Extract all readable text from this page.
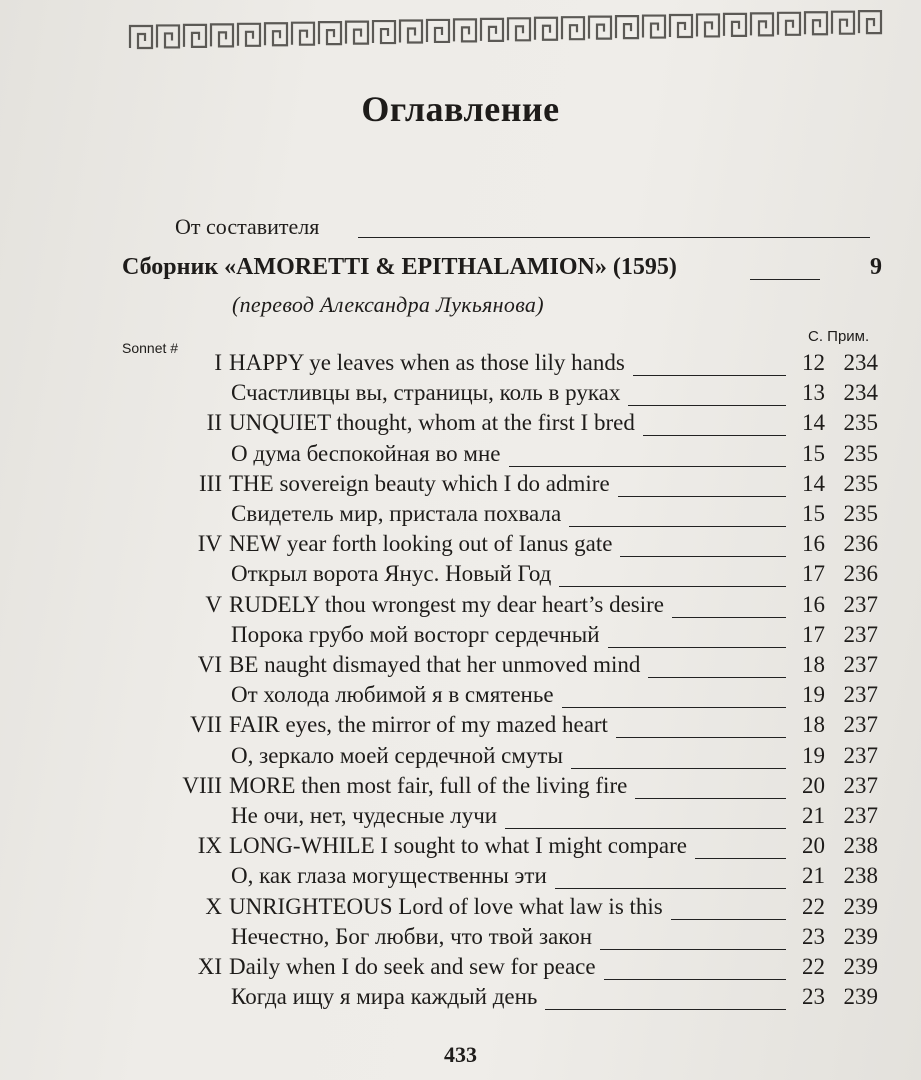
Оглавление
От составителя
Сборник «AMORETTI & EPITHALAMION» (1595)	9
(перевод Александра Лукьянова)
Sonnet #
С. Прим.
I HAPPY ye leaves when as those lily hands	12 234
Счастливцы вы, страницы, коль в руках	13 234
II UNQUIET thought, whom at the first I bred	14 235
О дума беспокойная во мне	15 235
III THE sovereign beauty which I do admire	14 235
Свидетель мир, пристала похвала	15 235
IV NEW year forth looking out of Ianus gate	16 236
Открыл ворота Янус. Новый Год	17 236
V RUDELY thou wrongest my dear heart’s desire	16 237
Порока грубо мой восторг сердечный	17 237
VI BE naught dismayed that her unmoved mind	18 237
От холода любимой я в смятенье	19 237
VII FAIR eyes, the mirror of my mazed heart	18 237
О, зеркало моей сердечной смуты	19 237
VIII MORE then most fair, full of the living fire	20 237
Не очи, нет, чудесные лучи	21 237
IX LONG-WHILE I sought to what I might compare	20 238
О, как глаза могущественны эти	21 238
X UNRIGHTEOUS Lord of love what law is this	22 239
Нечестно, Бог любви, что твой закон	23 239
XI Daily when I do seek and sew for peace	22 239
Когда ищу я мира каждый день	23 239
433
